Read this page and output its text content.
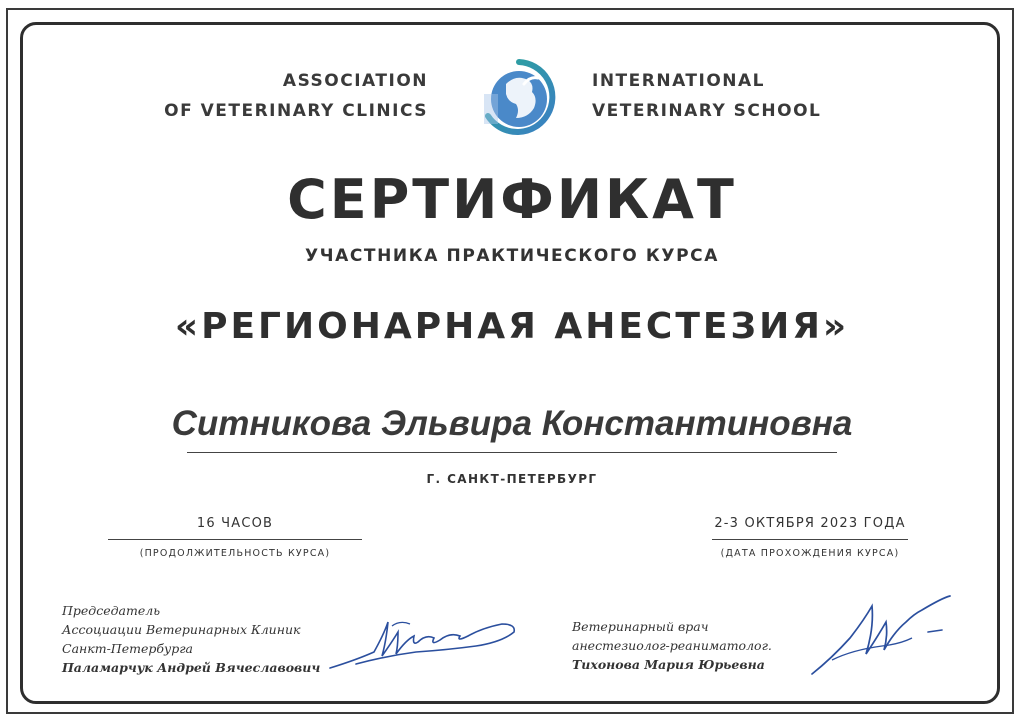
ASSOCIATION
OF VETERINARY CLINICS
INTERNATIONAL
VETERINARY SCHOOL
СЕРТИФИКАТ
УЧАСТНИКА ПРАКТИЧЕСКОГО КУРСА
«РЕГИОНАРНАЯ АНЕСТЕЗИЯ»
Ситникова Эльвира Константиновна
Г. САНКТ-ПЕТЕРБУРГ
16 ЧАСОВ
(ПРОДОЛЖИТЕЛЬНОСТЬ КУРСА)
2-3 ОКТЯБРЯ 2023 ГОДА
(ДАТА ПРОХОЖДЕНИЯ КУРСА)
Председатель
Ассоциации Ветеринарных Клиник
Санкт-Петербурга
Паламарчук Андрей Вячеславович
Ветеринарный врач
анестезиолог-реаниматолог.
Тихонова Мария Юрьевна
